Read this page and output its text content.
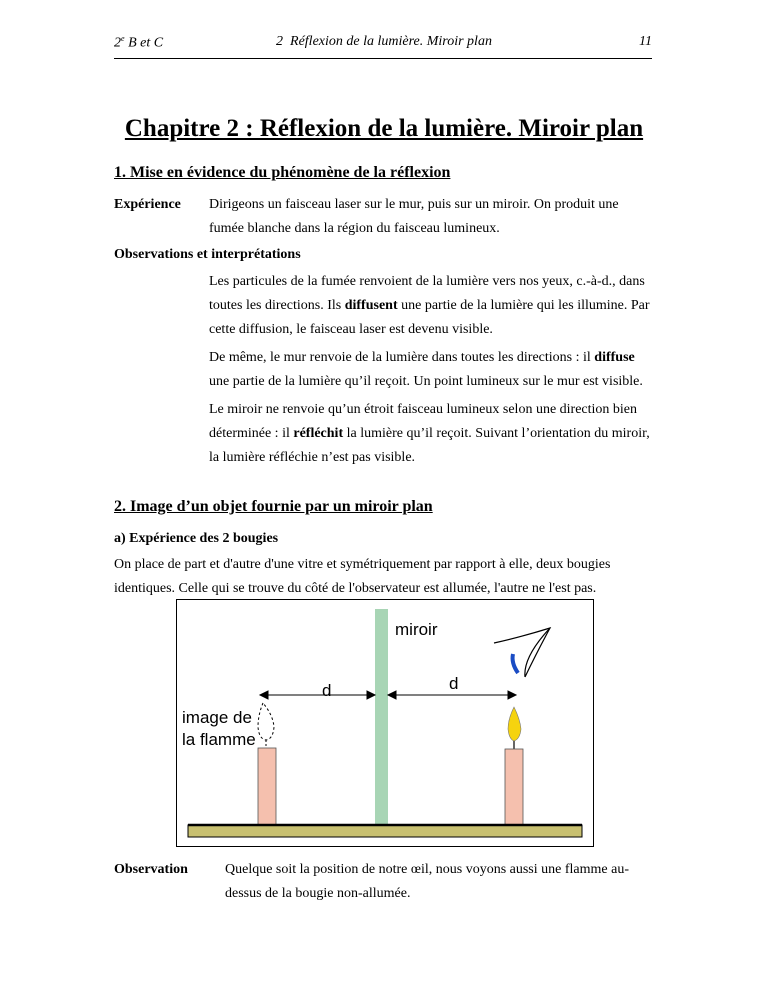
2e B et C	2  Réflexion de la lumière. Miroir plan	11
Chapitre 2 : Réflexion de la lumière. Miroir plan
1. Mise en évidence du phénomène de la réflexion
Expérience Dirigeons un faisceau laser sur le mur, puis sur un miroir. On produit une fumée blanche dans la région du faisceau lumineux.
Observations et interprétations
Les particules de la fumée renvoient de la lumière vers nos yeux, c.-à-d., dans toutes les directions. Ils diffusent une partie de la lumière qui les illumine. Par cette diffusion, le faisceau laser est devenu visible.
De même, le mur renvoie de la lumière dans toutes les directions : il diffuse une partie de la lumière qu’il reçoit. Un point lumineux sur le mur est visible.
Le miroir ne renvoie qu’un étroit faisceau lumineux selon une direction bien déterminée : il réfléchit la lumière qu’il reçoit. Suivant l’orientation du miroir, la lumière réfléchie n’est pas visible.
2. Image d’un objet fournie par un miroir plan
a) Expérience des 2 bougies
On place de part et d'autre d'une vitre et symétriquement par rapport à elle, deux bougies identiques. Celle qui se trouve du côté de l'observateur est allumée, l'autre ne l'est pas.
miroir
d	d
image de
la flamme
Observation	Quelque soit la position de notre œil, nous voyons aussi une flamme au-dessus de la bougie non-allumée.
